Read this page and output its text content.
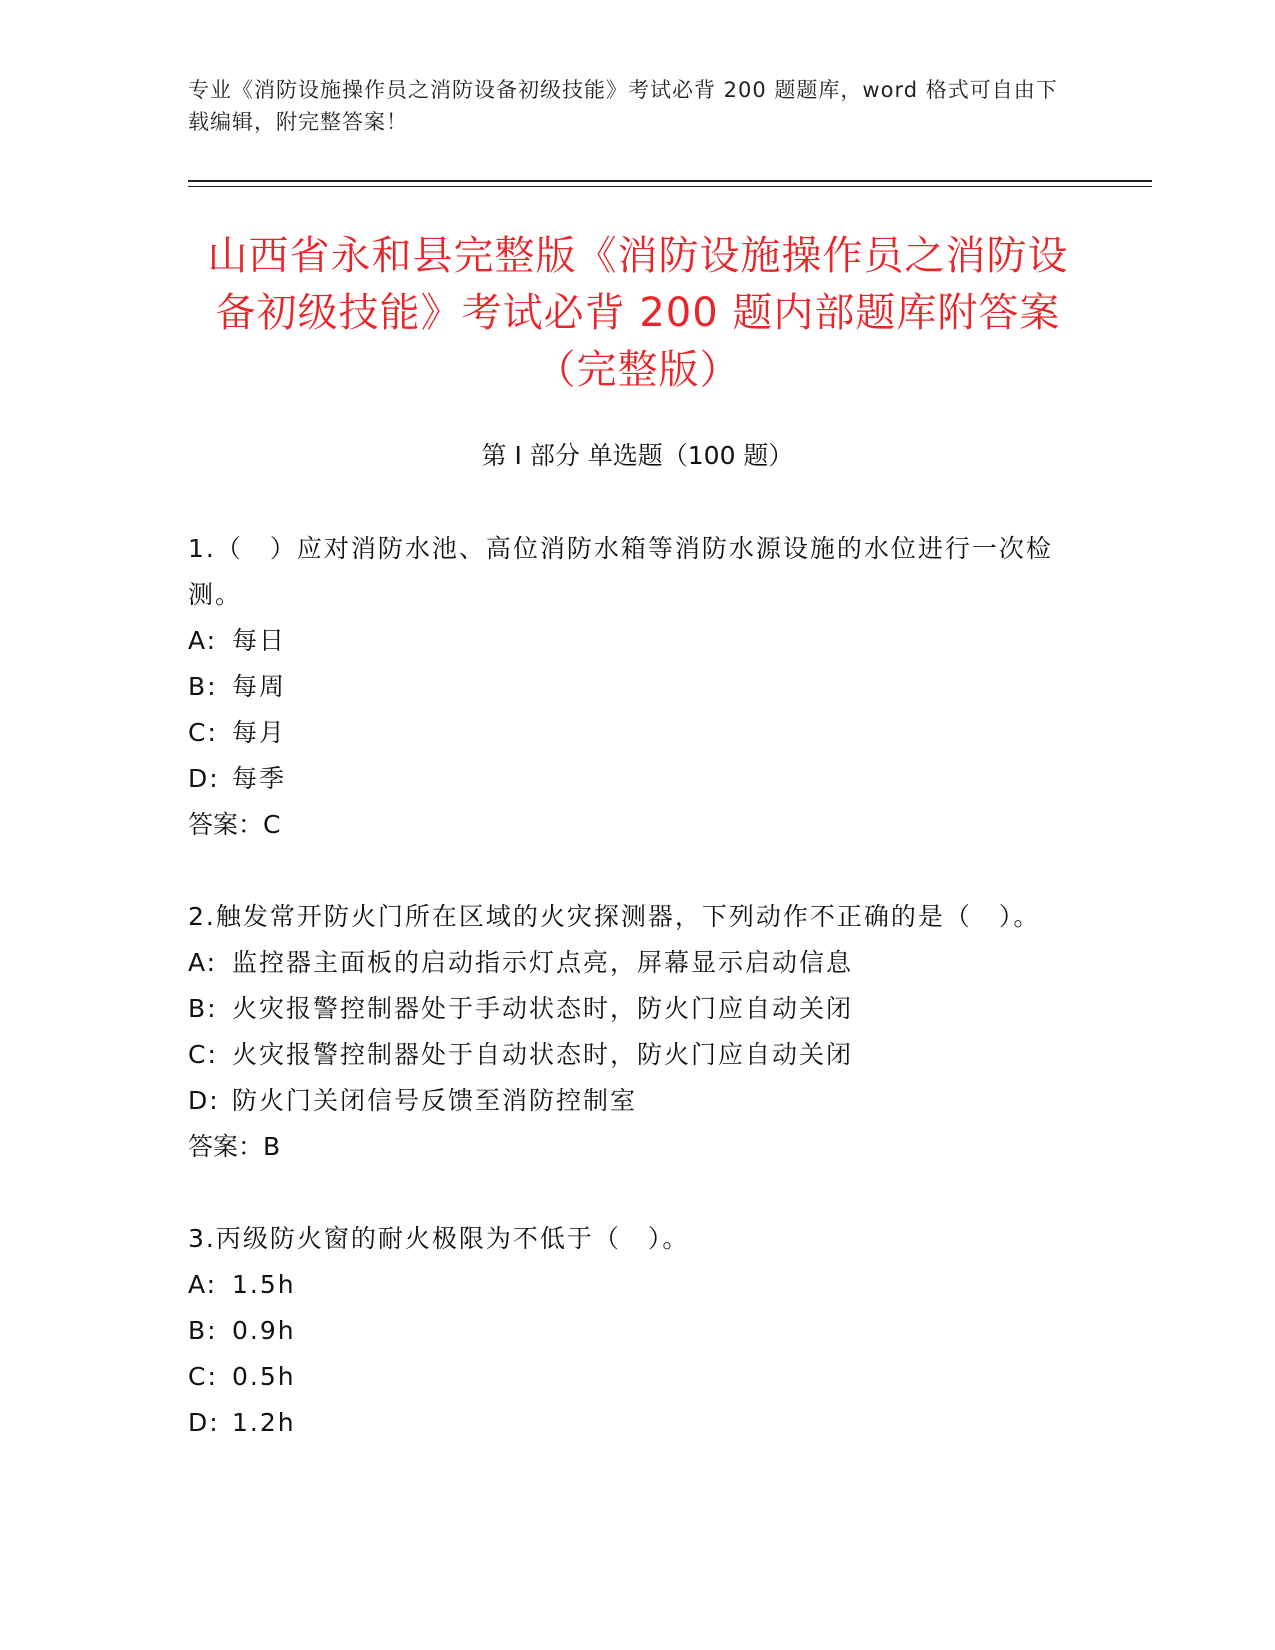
专业《消防设施操作员之消防设备初级技能》考试必背 200 题题库，word 格式可自由下载编辑，附完整答案！
山西省永和县完整版《消防设施操作员之消防设备初级技能》考试必背 200 题内部题库附答案（完整版）
第 I 部分 单选题（100 题）
1.（　）应对消防水池、高位消防水箱等消防水源设施的水位进行一次检测。
A: 每日
B: 每周
C: 每月
D: 每季
答案：C
2.触发常开防火门所在区域的火灾探测器，下列动作不正确的是（　）。
A: 监控器主面板的启动指示灯点亮，屏幕显示启动信息
B: 火灾报警控制器处于手动状态时，防火门应自动关闭
C: 火灾报警控制器处于自动状态时，防火门应自动关闭
D: 防火门关闭信号反馈至消防控制室
答案：B
3.丙级防火窗的耐火极限为不低于（　）。
A: 1.5h
B: 0.9h
C: 0.5h
D: 1.2h
